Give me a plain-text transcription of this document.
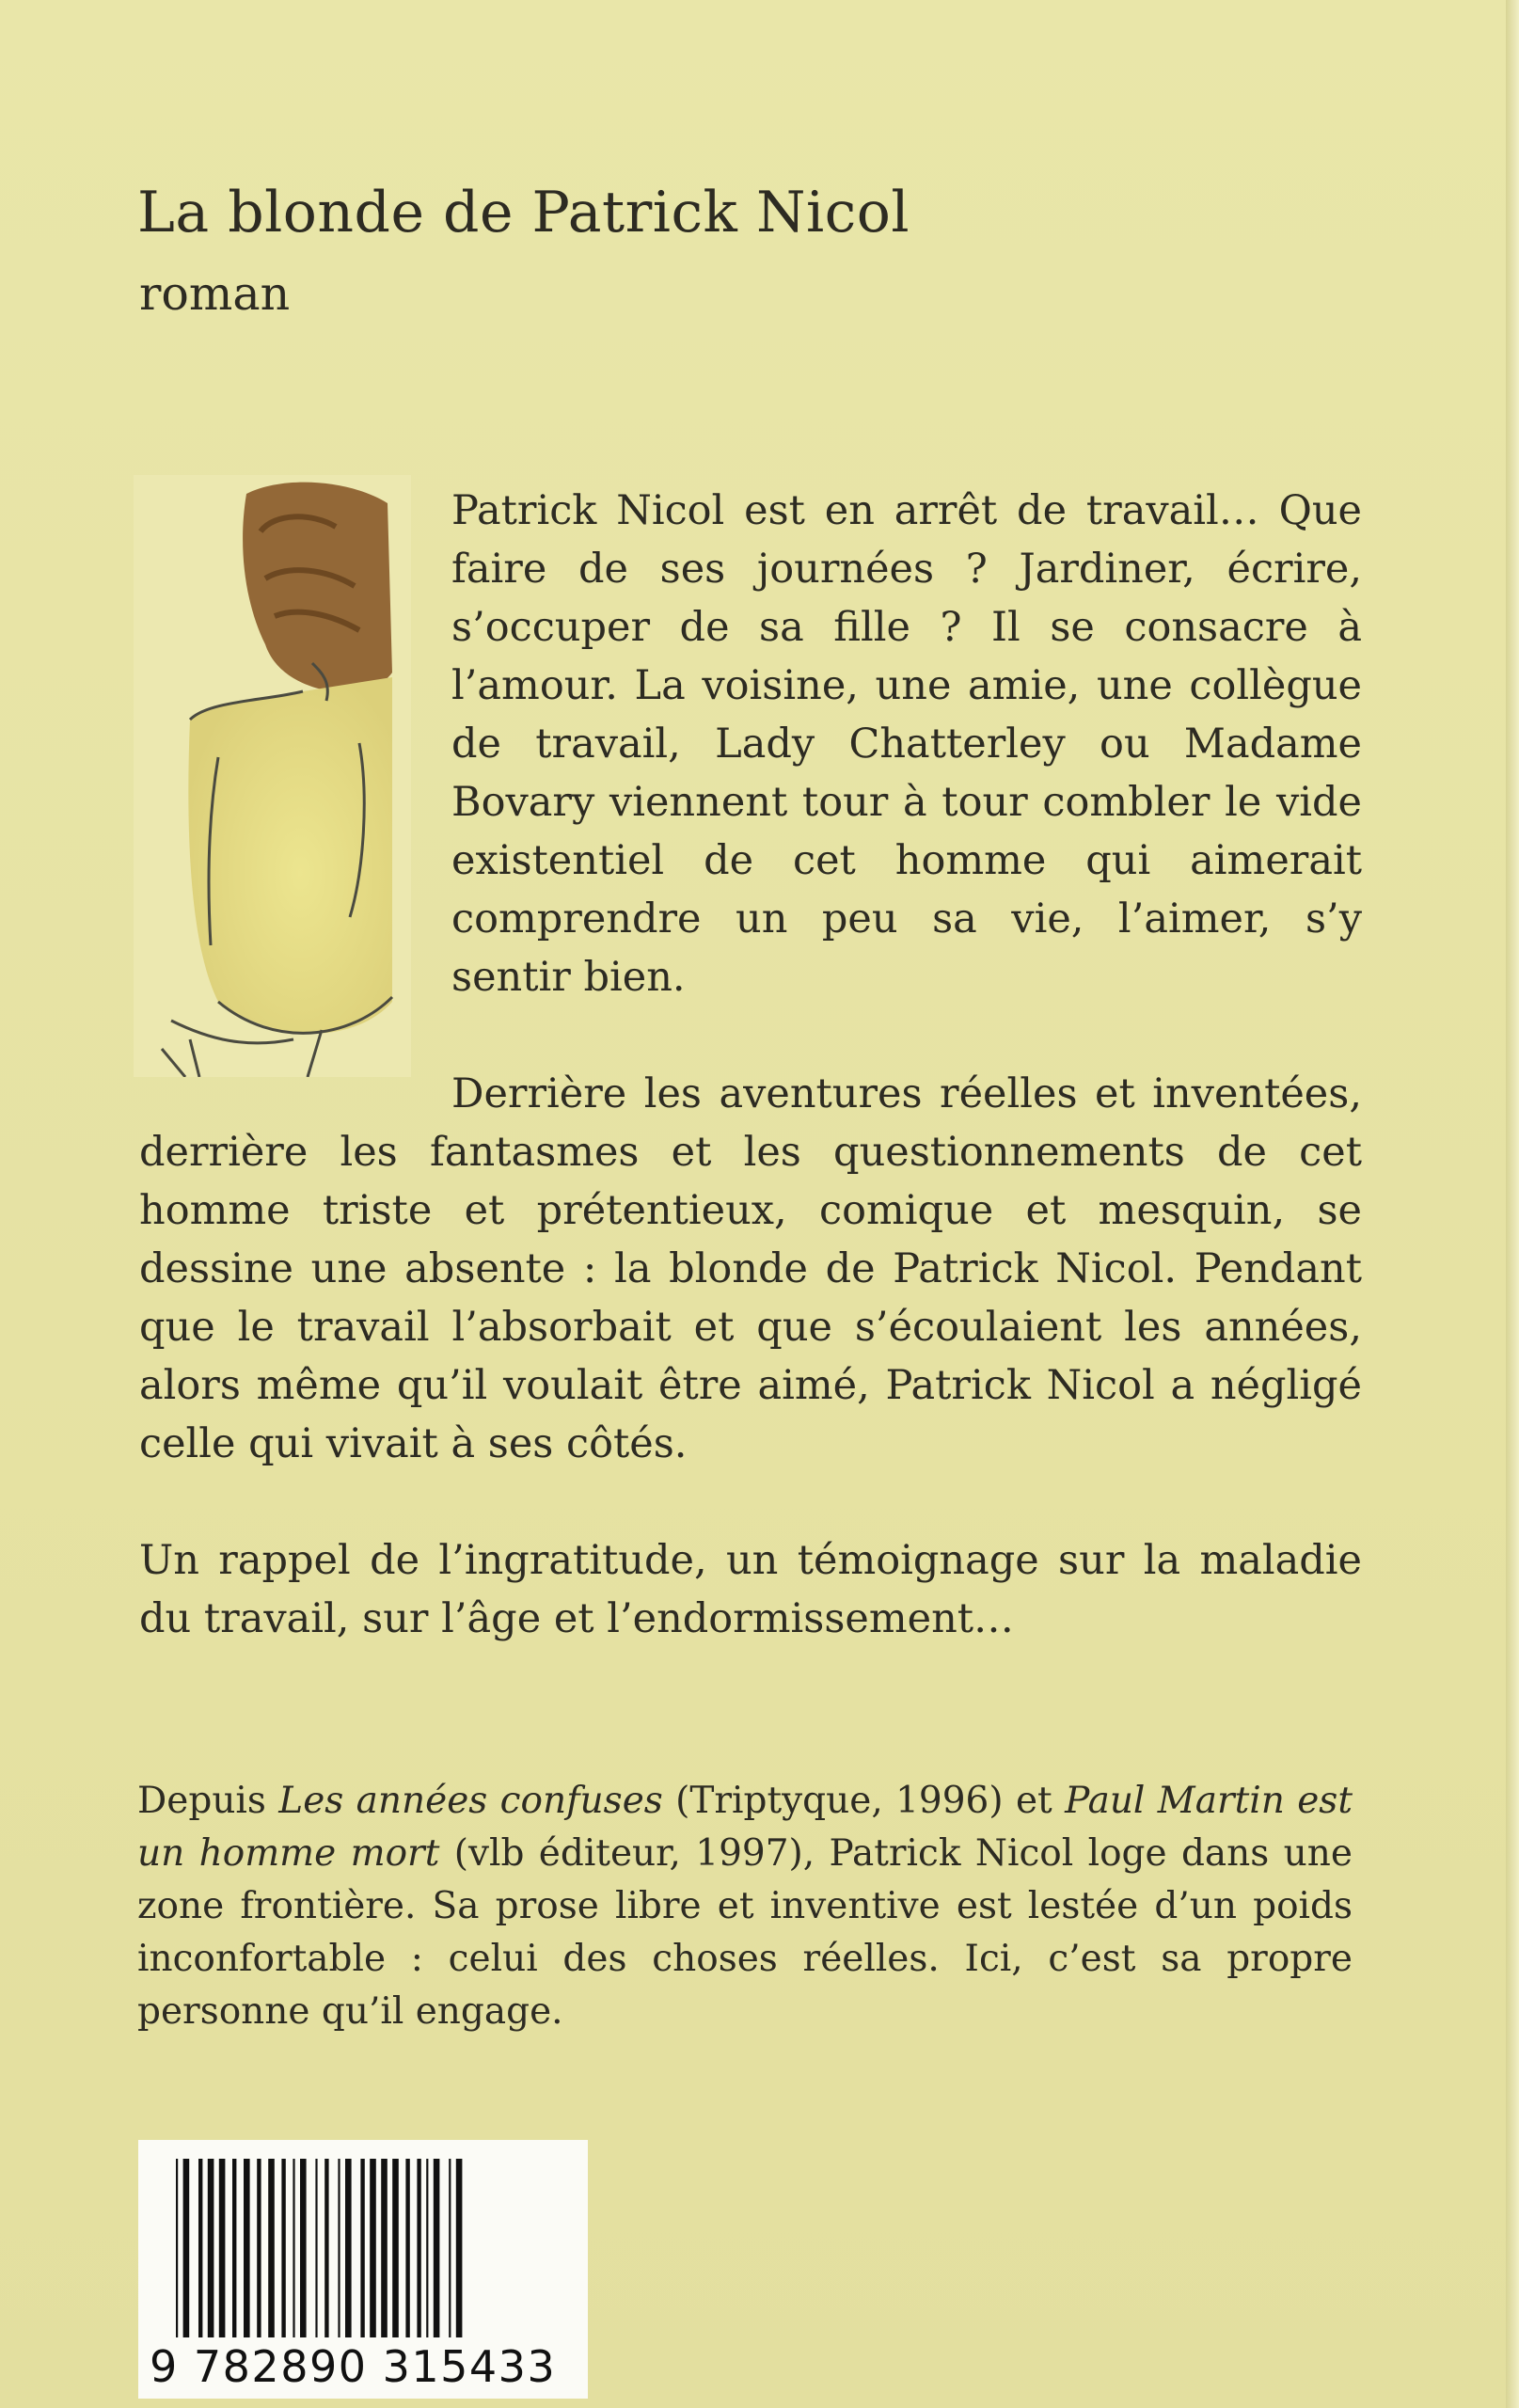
La blonde de Patrick Nicol
roman

Patrick Nicol est en arrêt de travail… Que faire de ses journées ? Jardiner, écrire, s’occuper de sa fille ? Il se consacre à l’amour. La voisine, une amie, une collègue de travail, Lady Chatterley ou Madame Bovary viennent tour à tour combler le vide existentiel de cet homme qui aimerait comprendre un peu sa vie, l’aimer, s’y sentir bien.

Derrière les aventures réelles et inventées, derrière les fantasmes et les questionnements de cet homme triste et prétentieux, comique et mesquin, se dessine une absente : la blonde de Patrick Nicol. Pendant que le travail l’absorbait et que s’écoulaient les années, alors même qu’il voulait être aimé, Patrick Nicol a négligé celle qui vivait à ses côtés.

Un rappel de l’ingratitude, un témoignage sur la maladie du travail, sur l’âge et l’endormissement…

Depuis Les années confuses (Triptyque, 1996) et Paul Martin est un homme mort (vlb éditeur, 1997), Patrick Nicol loge dans une zone frontière. Sa prose libre et inventive est lestée d’un poids inconfortable : celui des choses réelles. Ici, c’est sa propre personne qu’il engage.

9 782890 315433
